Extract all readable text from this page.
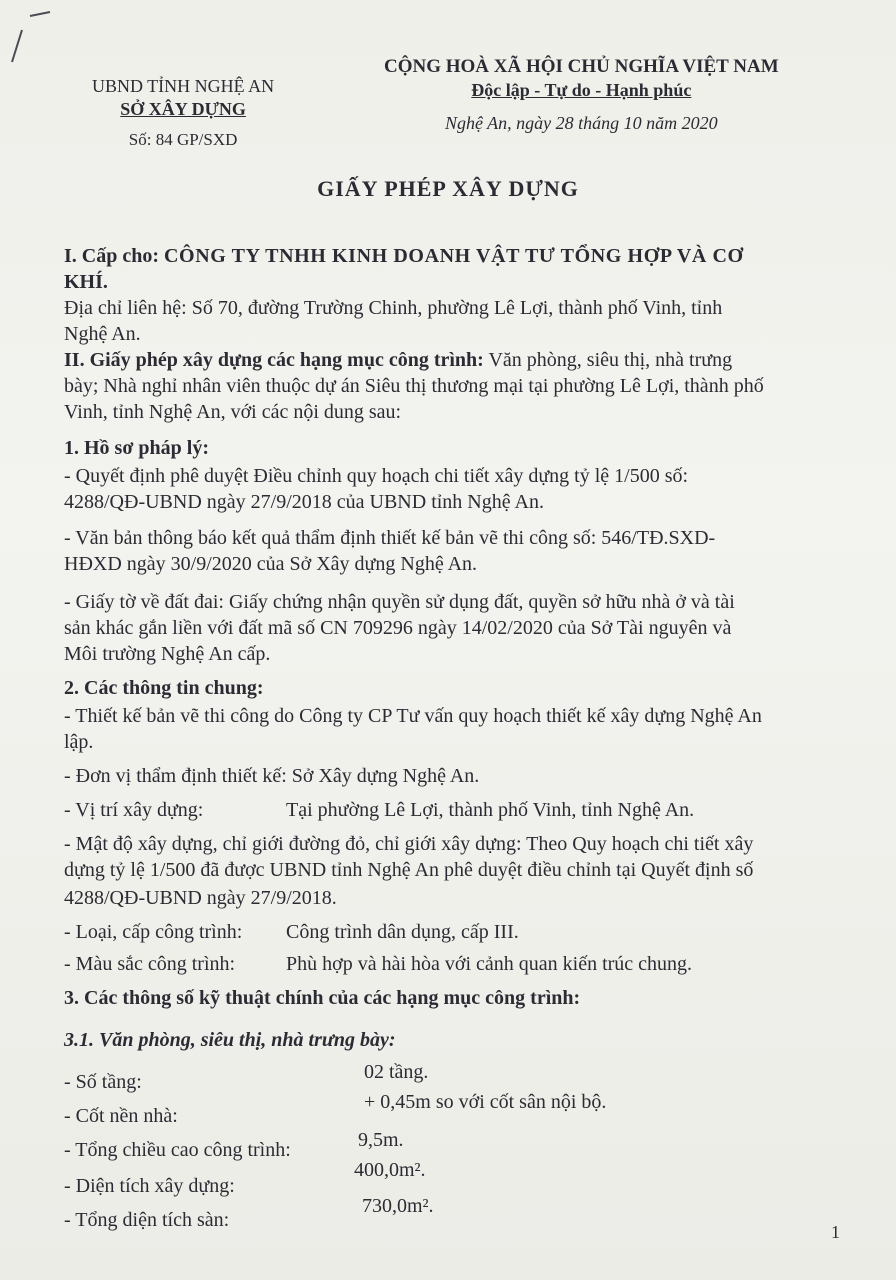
UBND TỈNH NGHỆ AN
SỞ XÂY DỰNG
Số: 84 GP/SXD
CỘNG HOÀ XÃ HỘI CHỦ NGHĨA VIỆT NAM
Độc lập - Tự do - Hạnh phúc
Nghệ An, ngày 28 tháng 10 năm 2020
GIẤY PHÉP XÂY DỰNG
I. Cấp cho: CÔNG TY TNHH KINH DOANH VẬT TƯ TỔNG HỢP VÀ CƠ
KHÍ.
Địa chỉ liên hệ: Số 70, đường Trường Chinh, phường Lê Lợi, thành phố Vinh, tỉnh
Nghệ An.
II. Giấy phép xây dựng các hạng mục công trình: Văn phòng, siêu thị, nhà trưng
bày; Nhà nghỉ nhân viên thuộc dự án Siêu thị thương mại tại phường Lê Lợi, thành phố
Vinh, tỉnh Nghệ An, với các nội dung sau:
1. Hồ sơ pháp lý:
- Quyết định phê duyệt Điều chỉnh quy hoạch chi tiết xây dựng tỷ lệ 1/500 số:
4288/QĐ-UBND ngày 27/9/2018 của UBND tỉnh Nghệ An.
- Văn bản thông báo kết quả thẩm định thiết kế bản vẽ thi công số: 546/TĐ.SXD-
HĐXD ngày 30/9/2020 của Sở Xây dựng Nghệ An.
- Giấy tờ về đất đai: Giấy chứng nhận quyền sử dụng đất, quyền sở hữu nhà ở và tài
sản khác gắn liền với đất mã số CN 709296 ngày 14/02/2020 của Sở Tài nguyên và
Môi trường Nghệ An cấp.
2. Các thông tin chung:
- Thiết kế bản vẽ thi công do Công ty CP Tư vấn quy hoạch thiết kế xây dựng Nghệ An
lập.
- Đơn vị thẩm định thiết kế: Sở Xây dựng Nghệ An.
- Vị trí xây dựng:	Tại phường Lê Lợi, thành phố Vinh, tỉnh Nghệ An.
- Mật độ xây dựng, chỉ giới đường đỏ, chỉ giới xây dựng: Theo Quy hoạch chi tiết xây
dựng tỷ lệ 1/500 đã được UBND tỉnh Nghệ An phê duyệt điều chỉnh tại Quyết định số
4288/QĐ-UBND ngày 27/9/2018.
- Loại, cấp công trình: Công trình dân dụng, cấp III.
- Màu sắc công trình:	Phù hợp và hài hòa với cảnh quan kiến trúc chung.
3. Các thông số kỹ thuật chính của các hạng mục công trình:
3.1. Văn phòng, siêu thị, nhà trưng bày:
- Số tầng:	02 tầng.
- Cốt nền nhà:
+ 0,45m so với cốt sân nội bộ.
- Tổng chiều cao công trình:	9,5m.
- Diện tích xây dựng:
400,0m².
- Tổng diện tích sàn:
730,0m².
1
